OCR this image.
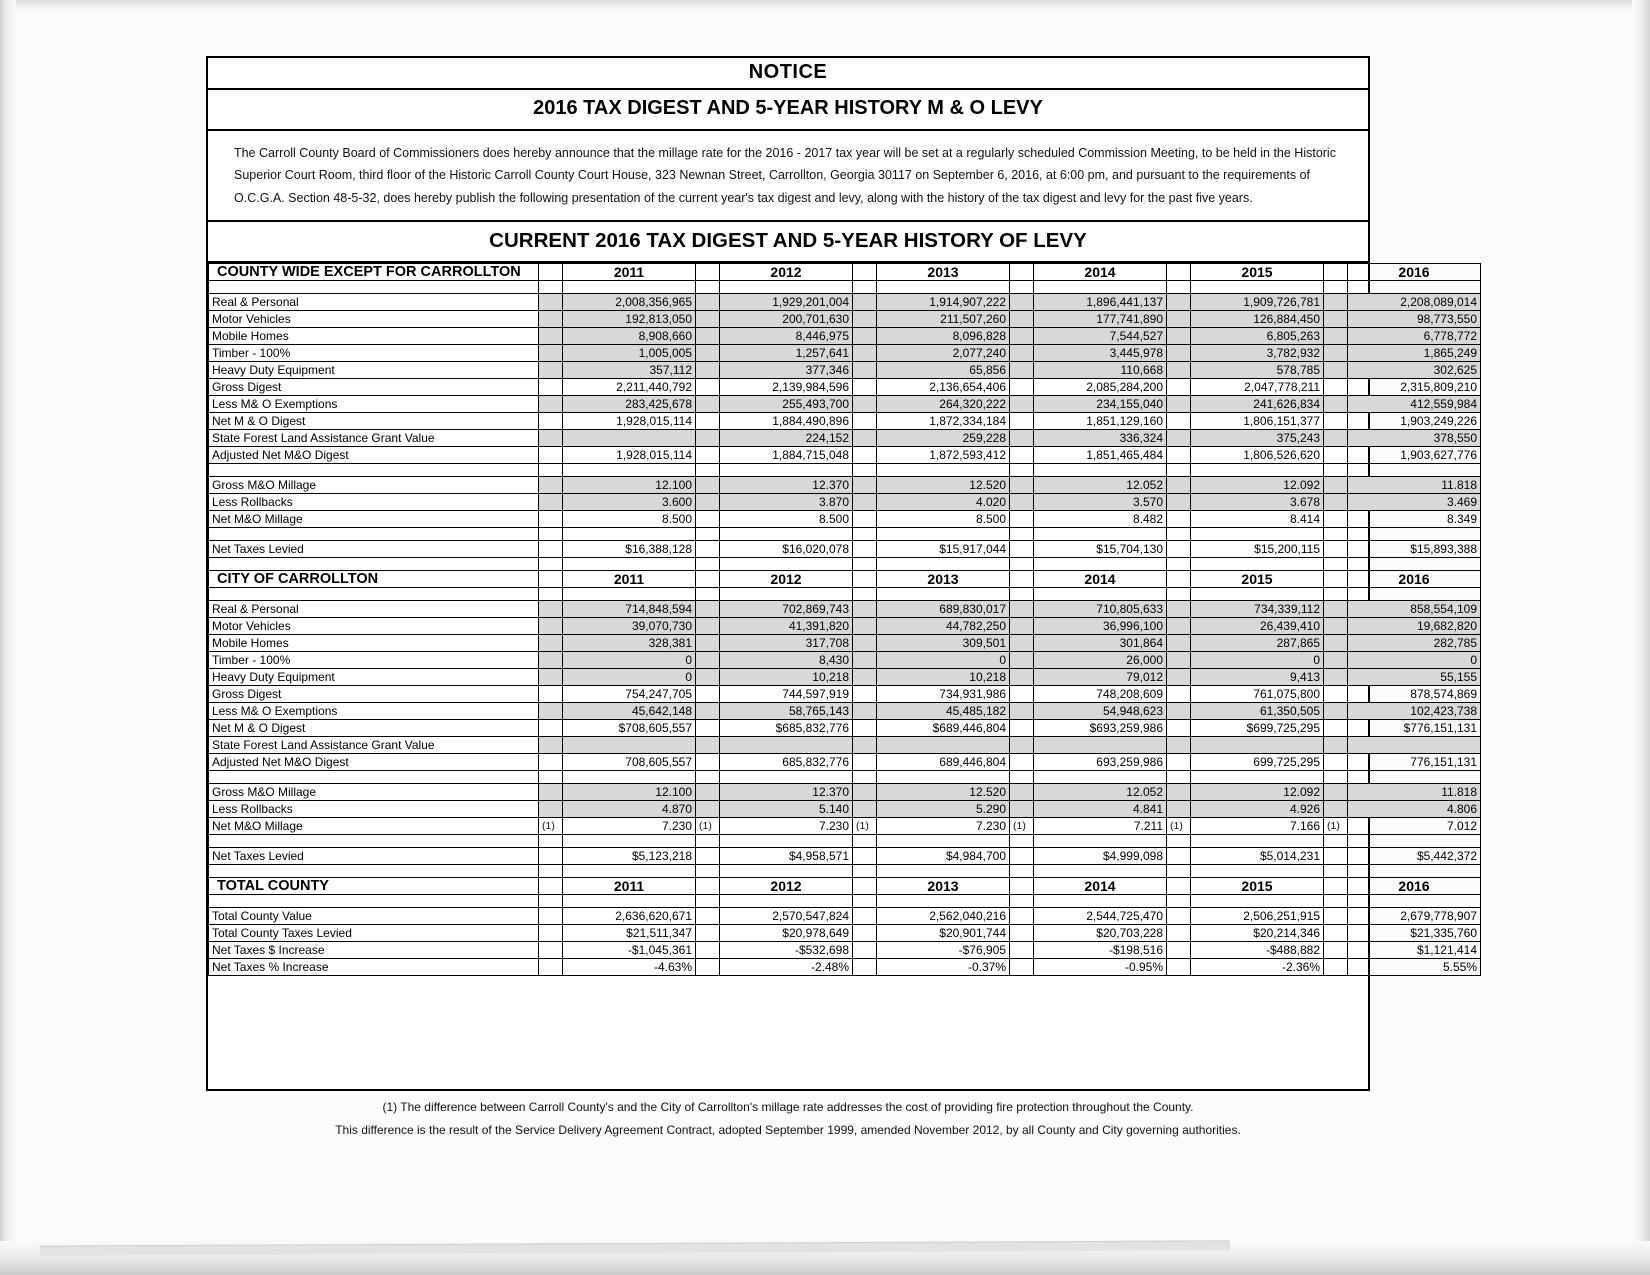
NOTICE
2016 TAX DIGEST AND 5-YEAR HISTORY M & O LEVY

The Carroll County Board of Commissioners does hereby announce that the millage rate for the 2016 - 2017 tax year will be set at a regularly scheduled Commission Meeting, to be held in the Historic Superior Court Room, third floor of the Historic Carroll County Court House, 323 Newnan Street, Carrollton, Georgia 30117 on September 6, 2016, at 6:00 pm, and pursuant to the requirements of O.C.G.A. Section 48-5-32, does hereby publish the following presentation of the current year's tax digest and levy, along with the history of the tax digest and levy for the past five years.

CURRENT 2016 TAX DIGEST AND 5-YEAR HISTORY OF LEVY
COUNTY WIDE EXCEPT FOR CARROLLTON		2011		2012		2013		2014		2015		2016

Real & Personal		2,008,356,965		1,929,201,004		1,914,907,222		1,896,441,137		1,909,726,781		2,208,089,014
Motor Vehicles		192,813,050		200,701,630		211,507,260		177,741,890		126,884,450		98,773,550
Mobile Homes		8,908,660		8,446,975		8,096,828		7,544,527		6,805,263		6,778,772
Timber - 100%		1,005,005		1,257,641		2,077,240		3,445,978		3,782,932		1,865,249
Heavy Duty Equipment		357,112		377,346		65,856		110,668		578,785		302,625
Gross Digest		2,211,440,792		2,139,984,596		2,136,654,406		2,085,284,200		2,047,778,211		2,315,809,210
Less M& O Exemptions		283,425,678		255,493,700		264,320,222		234,155,040		241,626,834		412,559,984
Net M & O Digest		1,928,015,114		1,884,490,896		1,872,334,184		1,851,129,160		1,806,151,377		1,903,249,226
State Forest Land Assistance Grant Value				224,152		259,228		336,324		375,243		378,550
Adjusted Net M&O Digest		1,928,015,114		1,884,715,048		1,872,593,412		1,851,465,484		1,806,526,620		1,903,627,776

Gross M&O Millage		12.100		12.370		12.520		12.052		12.092		11.818
Less Rollbacks		3.600		3.870		4.020		3.570		3.678		3.469
Net M&O Millage		8.500		8.500		8.500		8.482		8.414		8.349

Net Taxes Levied		$16,388,128		$16,020,078		$15,917,044		$15,704,130		$15,200,115		$15,893,388

CITY OF CARROLLTON		2011		2012		2013		2014		2015		2016

Real & Personal		714,848,594		702,869,743		689,830,017		710,805,633		734,339,112		858,554,109
Motor Vehicles		39,070,730		41,391,820		44,782,250		36,996,100		26,439,410		19,682,820
Mobile Homes		328,381		317,708		309,501		301,864		287,865		282,785
Timber - 100%		0		8,430		0		26,000		0		0
Heavy Duty Equipment		0		10,218		10,218		79,012		9,413		55,155
Gross Digest		754,247,705		744,597,919		734,931,986		748,208,609		761,075,800		878,574,869
Less M& O Exemptions		45,642,148		58,765,143		45,485,182		54,948,623		61,350,505		102,423,738
Net M & O Digest		$708,605,557		$685,832,776		$689,446,804		$693,259,986		$699,725,295		$776,151,131
State Forest Land Assistance Grant Value												
Adjusted Net M&O Digest		708,605,557		685,832,776		689,446,804		693,259,986		699,725,295		776,151,131

Gross M&O Millage		12.100		12.370		12.520		12.052		12.092		11.818
Less Rollbacks		4.870		5.140		5.290		4.841		4.926		4.806
Net M&O Millage	(1)	7.230	(1)	7.230	(1)	7.230	(1)	7.211	(1)	7.166	(1)	7.012

Net Taxes Levied		$5,123,218		$4,958,571		$4,984,700		$4,999,098		$5,014,231		$5,442,372

TOTAL COUNTY		2011		2012		2013		2014		2015		2016

Total County Value		2,636,620,671		2,570,547,824		2,562,040,216		2,544,725,470		2,506,251,915		2,679,778,907
Total County Taxes Levied		$21,511,347		$20,978,649		$20,901,744		$20,703,228		$20,214,346		$21,335,760
Net Taxes $ Increase		-$1,045,361		-$532,698		-$76,905		-$198,516		-$488,882		$1,121,414
Net Taxes % Increase		-4.63%		-2.48%		-0.37%		-0.95%		-2.36%		5.55%
(1) The difference between Carroll County's and the City of Carrollton's millage rate addresses the cost of providing fire protection throughout the County.
This difference is the result of the Service Delivery Agreement Contract, adopted September 1999, amended November 2012, by all County and City governing authorities.
